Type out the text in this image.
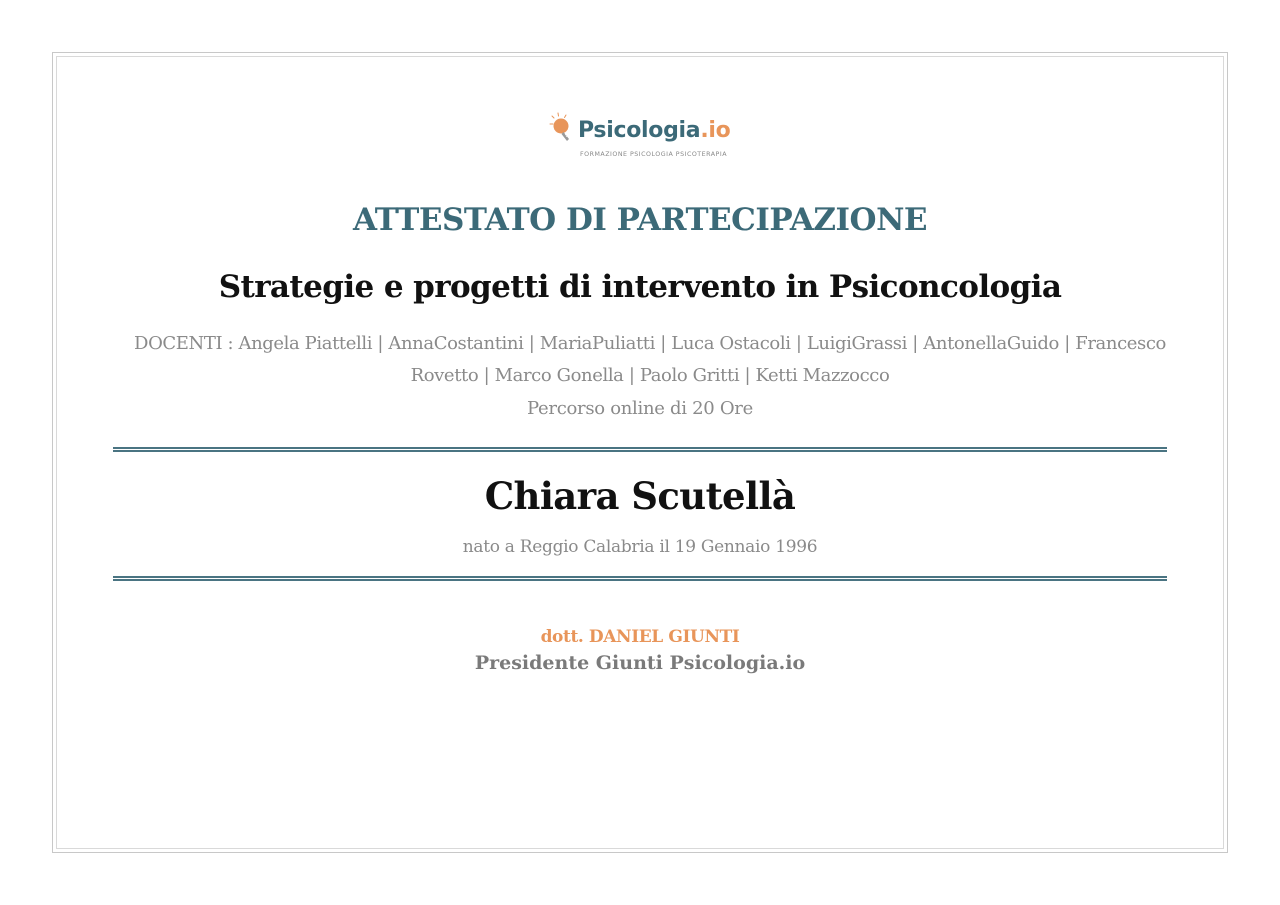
Psicologia.io
FORMAZIONE PSICOLOGIA PSICOTERAPIA
ATTESTATO DI PARTECIPAZIONE
Strategie e progetti di intervento in Psiconcologia
DOCENTI : Angela Piattelli | AnnaCostantini | MariaPuliatti | Luca Ostacoli | LuigiGrassi | AntonellaGuido | Francesco Rovetto | Marco Gonella | Paolo Gritti | Ketti Mazzocco
Percorso online di 20 Ore
Chiara Scutellà
nato a Reggio Calabria il 19 Gennaio 1996
dott. DANIEL GIUNTI
Presidente Giunti Psicologia.io
